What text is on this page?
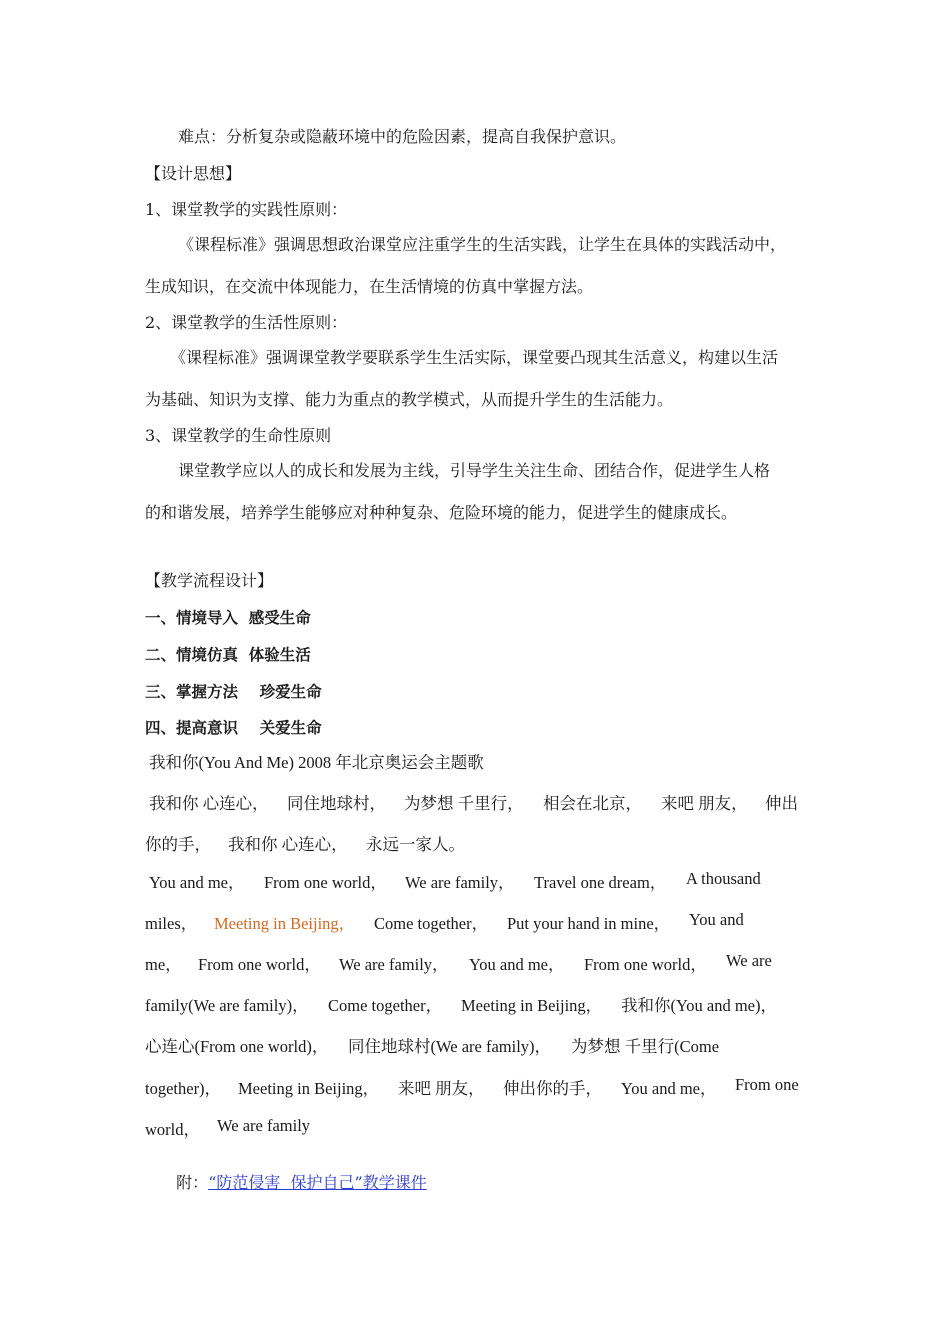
难点：分析复杂或隐蔽环境中的危险因素，提高自我保护意识。
【设计思想】
1、课堂教学的实践性原则：
《课程标准》强调思想政治课堂应注重学生的生活实践，让学生在具体的实践活动中，
生成知识，在交流中体现能力，在生活情境的仿真中掌握方法。
2、课堂教学的生活性原则：
《课程标准》强调课堂教学要联系学生生活实际，课堂要凸现其生活意义，构建以生活
为基础、知识为支撑、能力为重点的教学模式，从而提升学生的生活能力。
3、课堂教学的生命性原则
课堂教学应以人的成长和发展为主线，引导学生关注生命、团结合作，促进学生人格
的和谐发展，培养学生能够应对种种复杂、危险环境的能力，促进学生的健康成长。
【教学流程设计】
一、情境导入  感受生命
二、情境仿真  体验生活
三、掌握方法    珍爱生命
四、提高意识    关爱生命
我和你(You And Me) 2008 年北京奥运会主题歌
我和你 心连心， 同住地球村， 为梦想 千里行， 相会在北京， 来吧 朋友， 伸出
你的手， 我和你 心连心， 永远一家人。
You and me， From one world， We are family， Travel one dream， A thousand
miles， Meeting in Beijing， Come together， Put your hand in mine， You and
me， From one world， We are family， You and me， From one world， We are
family(We are family)， Come together， Meeting in Beijing， 我和你(You and me)，
心连心(From one world)， 同住地球村(We are family)， 为梦想 千里行(Come
together)， Meeting in Beijing， 来吧 朋友， 伸出你的手， You and me， From one
world， We are family

附：“防范侵害  保护自己”教学课件
